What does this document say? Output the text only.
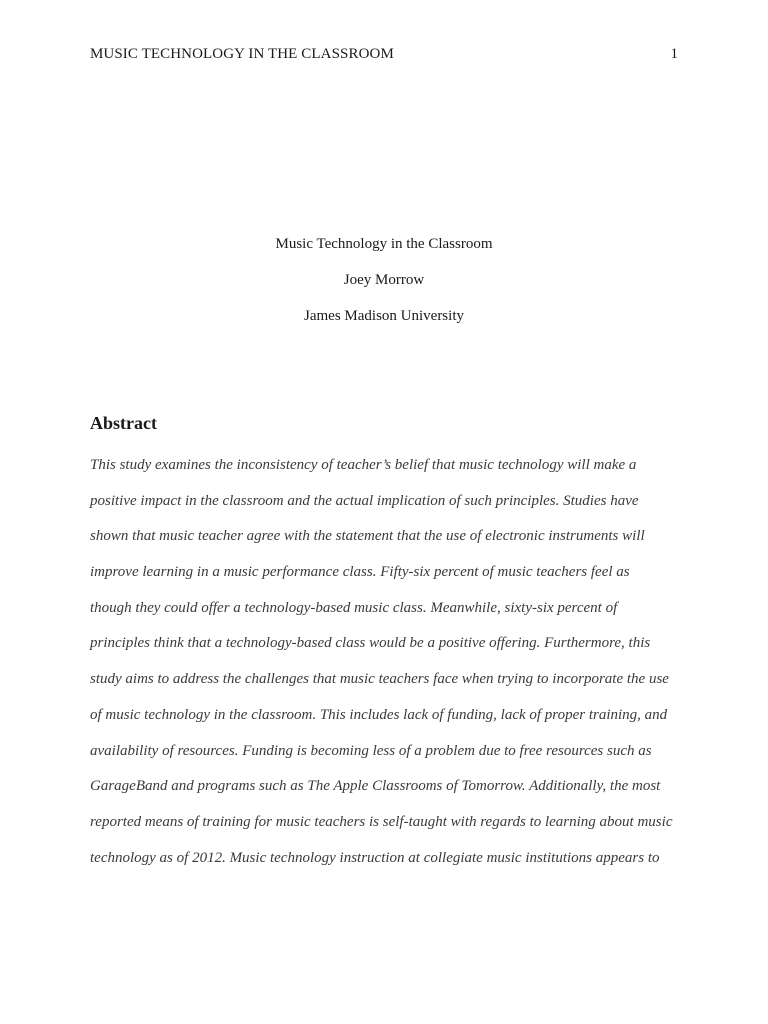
MUSIC TECHNOLOGY IN THE CLASSROOM	1
Music Technology in the Classroom
Joey Morrow
James Madison University
Abstract
This study examines the inconsistency of teacher’s belief that music technology will make a
positive impact in the classroom and the actual implication of such principles. Studies have
shown that music teacher agree with the statement that the use of electronic instruments will
improve learning in a music performance class. Fifty-six percent of music teachers feel as
though they could offer a technology-based music class. Meanwhile, sixty-six percent of
principles think that a technology-based class would be a positive offering. Furthermore, this
study aims to address the challenges that music teachers face when trying to incorporate the use
of music technology in the classroom. This includes lack of funding, lack of proper training, and
availability of resources. Funding is becoming less of a problem due to free resources such as
GarageBand and programs such as The Apple Classrooms of Tomorrow. Additionally, the most
reported means of training for music teachers is self-taught with regards to learning about music
technology as of 2012. Music technology instruction at collegiate music institutions appears to
